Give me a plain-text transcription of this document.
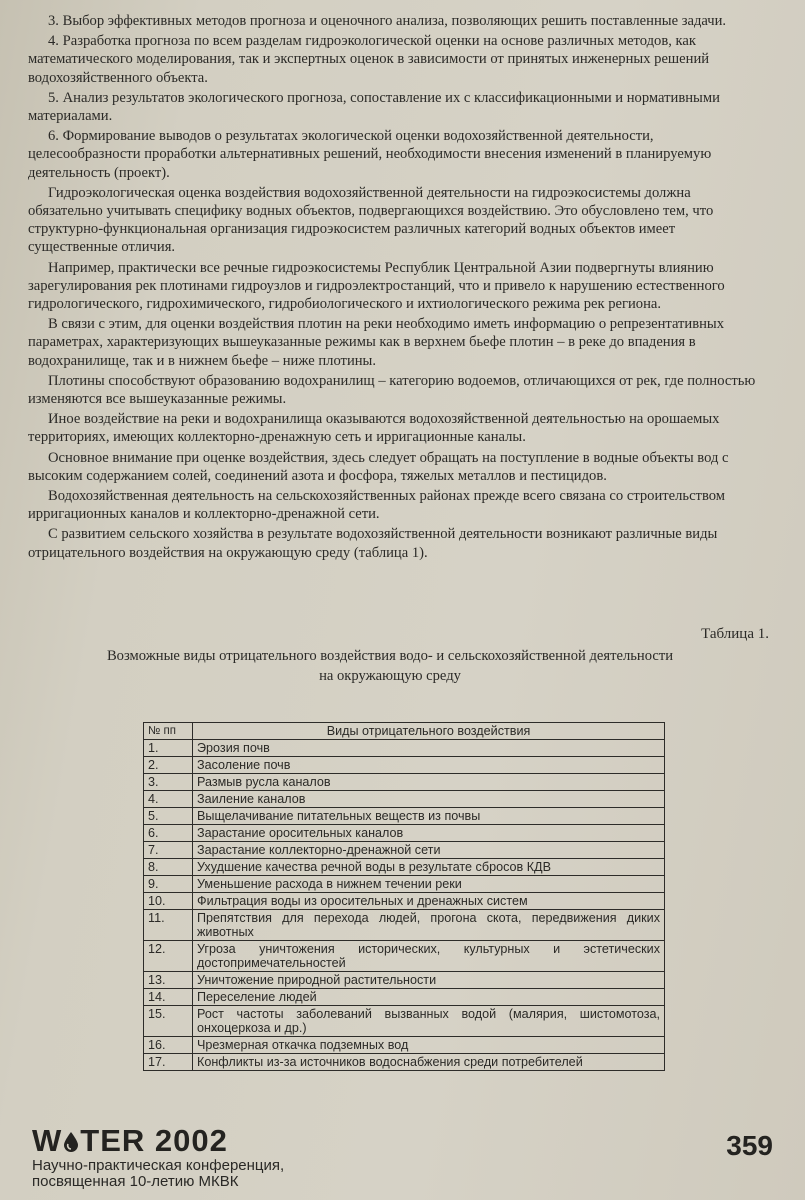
3. Выбор эффективных методов прогноза и оценочного анализа, позволяющих решить поставленные задачи.

4. Разработка прогноза по всем разделам гидроэкологической оценки на основе различных методов, как математического моделирования, так и экспертных оценок в зависимости от принятых инженерных решений водохозяйственного объекта.

5. Анализ результатов экологического прогноза, сопоставление их с классификационными и нормативными материалами.

6. Формирование выводов о результатах экологической оценки водохозяйственной деятельности, целесообразности проработки альтернативных решений, необходимости внесения изменений в планируемую деятельность (проект).

Гидроэкологическая оценка воздействия водохозяйственной деятельности на гидроэкосистемы должна обязательно учитывать специфику водных объектов, подвергающихся воздействию. Это обусловлено тем, что структурно-функциональная организация гидроэкосистем различных категорий водных объектов имеет существенные отличия.

Например, практически все речные гидроэкосистемы Республик Центральной Азии подвергнуты влиянию зарегулирования рек плотинами гидроузлов и гидроэлектростанций, что и привело к нарушению естественного гидрологического, гидрохимического, гидробиологического и ихтиологического режима рек региона.

В связи с этим, для оценки воздействия плотин на реки необходимо иметь информацию о репрезентативных параметрах, характеризующих вышеуказанные режимы как в верхнем бьефе плотин – в реке до впадения в водохранилище, так и в нижнем бьефе – ниже плотины.

Плотины способствуют образованию водохранилищ – категорию водоемов, отличающихся от рек, где полностью изменяются все вышеуказанные режимы.

Иное воздействие на реки и водохранилища оказываются водохозяйственной деятельностью на орошаемых территориях, имеющих коллекторно-дренажную сеть и ирригационные каналы.

Основное внимание при оценке воздействия, здесь следует обращать на поступление в водные объекты вод с высоким содержанием солей, соединений азота и фосфора, тяжелых металлов и пестицидов.

Водохозяйственная деятельность на сельскохозяйственных районах прежде всего связана со строительством ирригационных каналов и коллекторно-дренажной сети.

С развитием сельского хозяйства в результате водохозяйственной деятельности возникают различные виды отрицательного воздействия на окружающую среду (таблица 1).

Таблица 1.
Возможные виды отрицательного воздействия водо- и сельскохозяйственной деятельности
на окружающую среду
№ пп	Виды отрицательного воздействия
1.	Эрозия почв
2.	Засоление почв
3.	Размыв русла каналов
4.	Заиление каналов
5.	Выщелачивание питательных веществ из почвы
6.	Зарастание оросительных каналов
7.	Зарастание коллекторно-дренажной сети
8.	Ухудшение качества речной воды в результате сбросов КДВ
9.	Уменьшение расхода в нижнем течении реки
10.	Фильтрация воды из оросительных и дренажных систем
11.	Препятствия для перехода людей, прогона скота, передвижения диких животных
12.	Угроза уничтожения исторических, культурных и эстетических достопримечательностей
13.	Уничтожение природной растительности
14.	Переселение людей
15.	Рост частоты заболеваний вызванных водой (малярия, шистомотоза, онхоцеркоза и др.)
16.	Чрезмерная откачка подземных вод
17.	Конфликты из-за источников водоснабжения среди потребителей
W TER 2002
Научно-практическая конференция,
посвященная 10-летию МКВК
359
